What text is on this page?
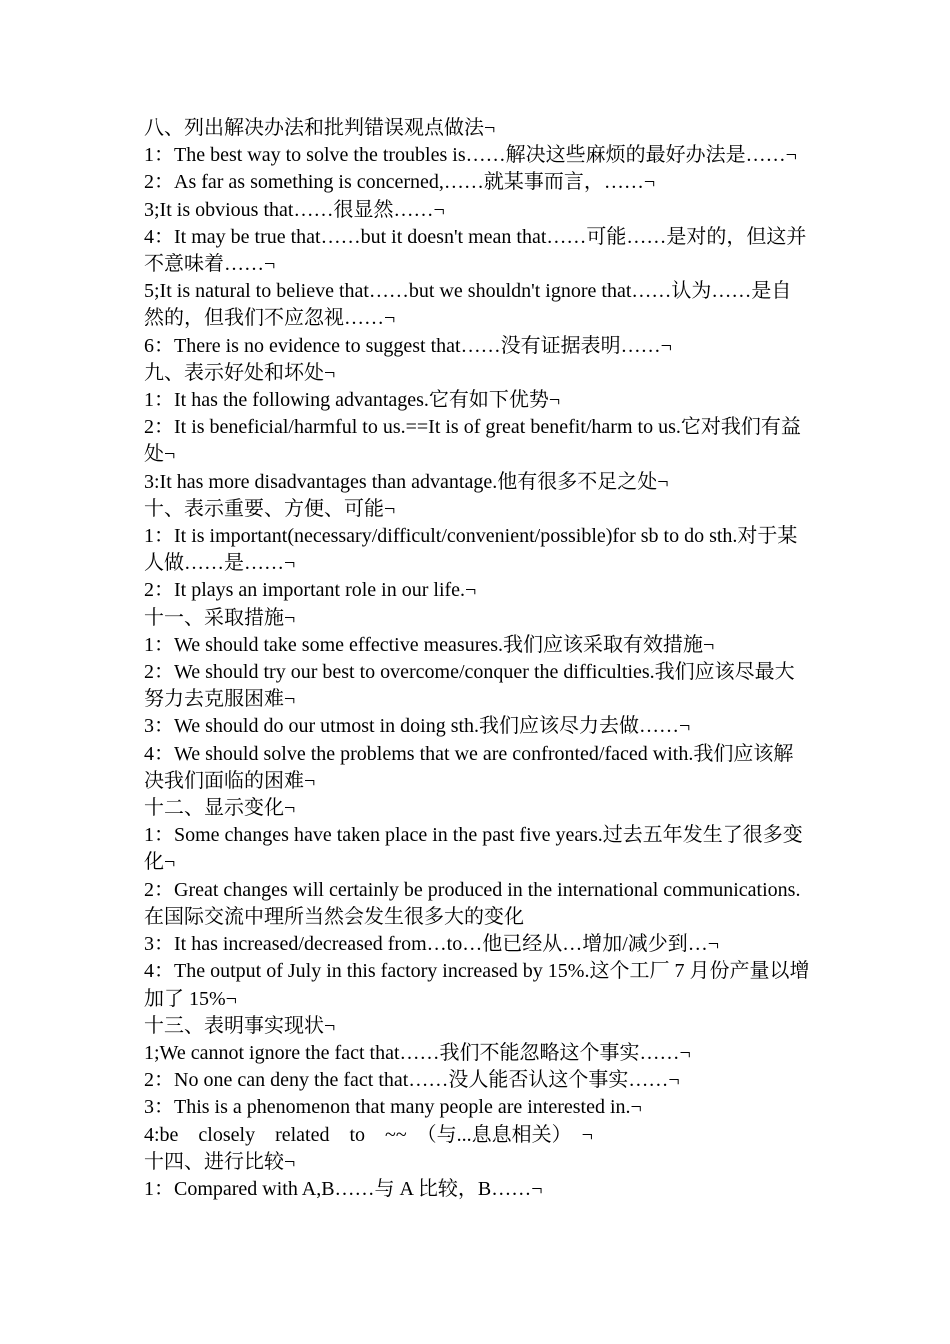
八、列出解决办法和批判错误观点做法¬

1：The best way to solve the troubles is……解决这些麻烦的最好办法是……¬

2：As far as something is concerned,……就某事而言，……¬

3;It is obvious that……很显然……¬

4：It may be true that……but it doesn't mean that……可能……是对的，但这并不意味着……¬

5;It is natural to believe that……but we shouldn't ignore that……认为……是自然的，但我们不应忽视……¬

6：There is no evidence to suggest that……没有证据表明……¬

九、表示好处和坏处¬

1：It has the following advantages.它有如下优势¬

2：It is beneficial/harmful to us.==It is of great benefit/harm to us.它对我们有益处¬

3:It has more disadvantages than advantage.他有很多不足之处¬

十、表示重要、方便、可能¬

1：It is important(necessary/difficult/convenient/possible)for sb to do sth.对于某人做……是……¬

2：It plays an important role in our life.¬

十一、采取措施¬

1：We should take some effective measures.我们应该采取有效措施¬

2：We should try our best to overcome/conquer the difficulties.我们应该尽最大努力去克服困难¬

3：We should do our utmost in doing sth.我们应该尽力去做……¬

4：We should solve the problems that we are confronted/faced with.我们应该解决我们面临的困难¬

十二、显示变化¬

1：Some changes have taken place in the past five years.过去五年发生了很多变化¬

2：Great changes will certainly be produced in the international communications.在国际交流中理所当然会发生很多大的变化

3：It has increased/decreased from…to…他已经从…增加/减少到…¬

4：The output of July in this factory increased by 15%.这个工厂 7 月份产量以增加了 15%¬

十三、表明事实现状¬

1;We cannot ignore the fact that……我们不能忽略这个事实……¬

2：No one can deny the fact that……没人能否认这个事实……¬

3：This is a phenomenon that many people are interested in.¬

4:be　closely　related　to　~~　（与...息息相关）　¬

十四、进行比较¬

1：Compared with A,B……与 A 比较，B……¬
